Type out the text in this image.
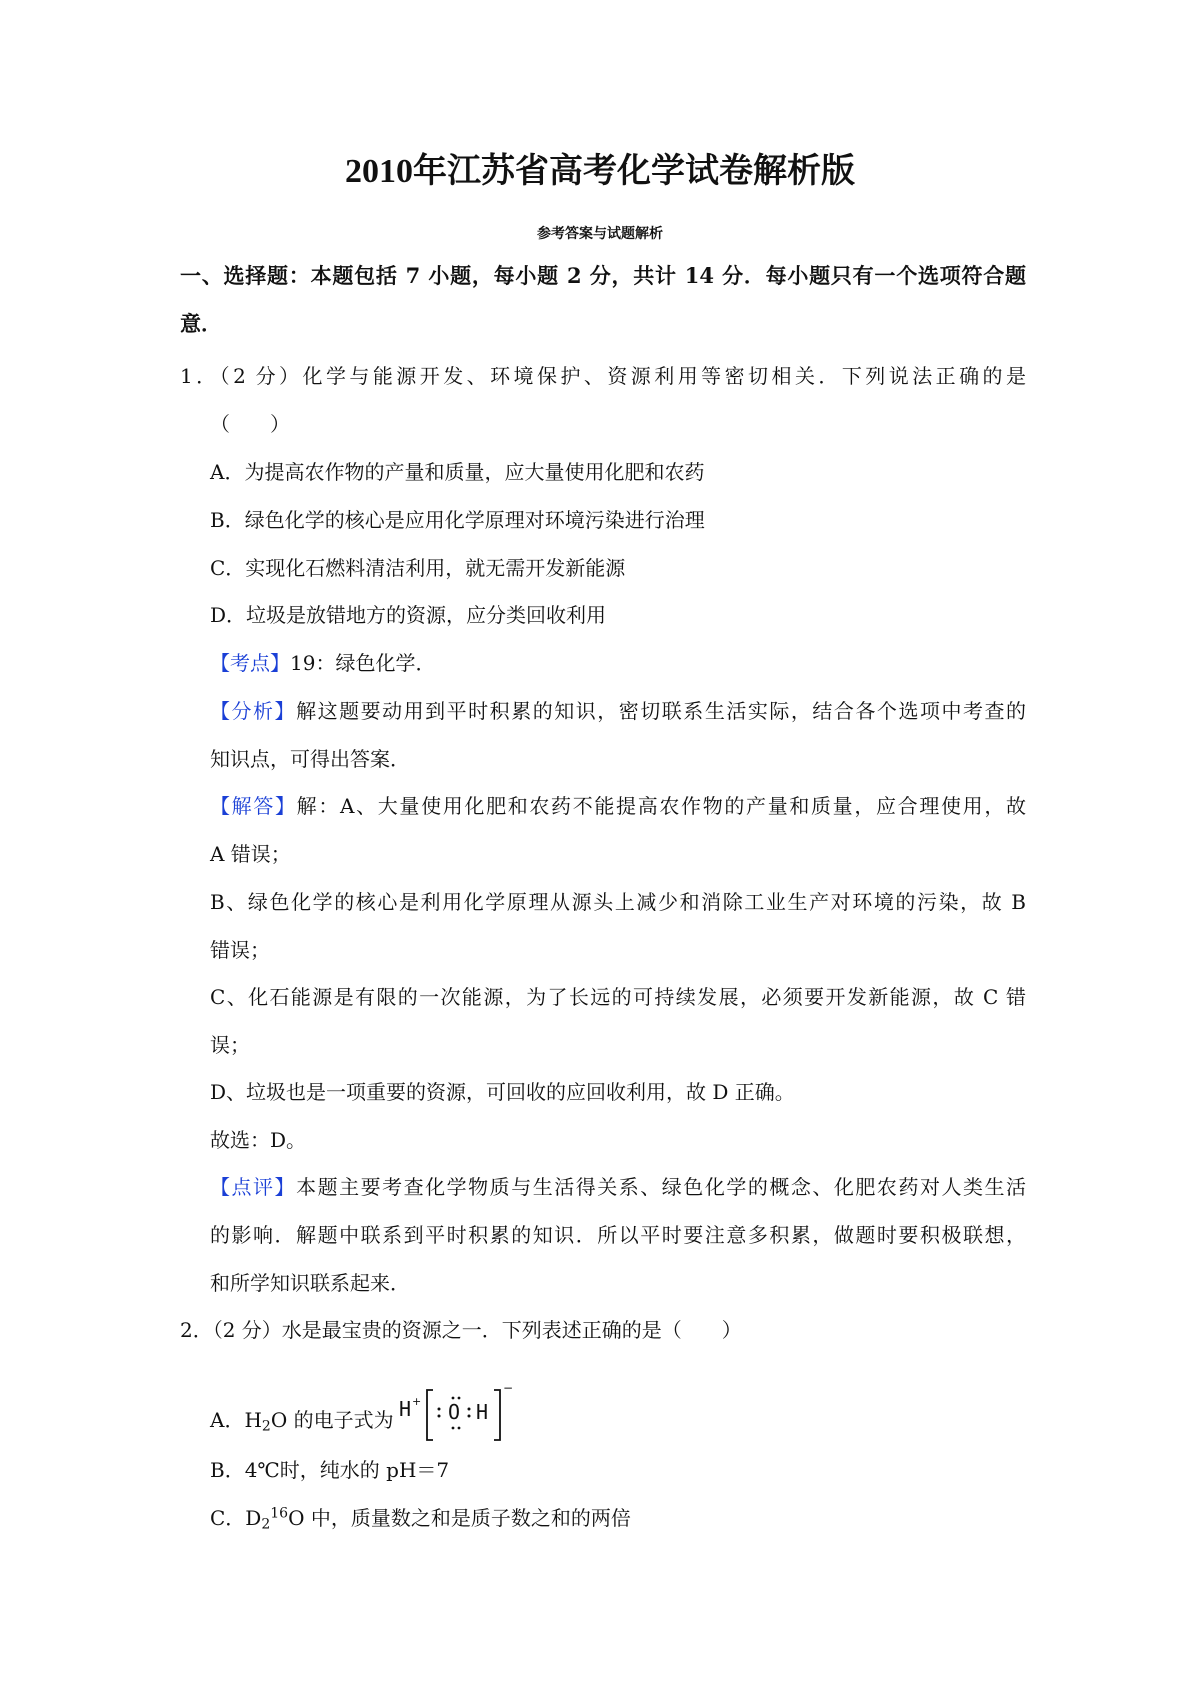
2010年江苏省高考化学试卷解析版
参考答案与试题解析
一、选择题：本题包括 7 小题，每小题 2 分，共计 14 分．每小题只有一个选项符合题
意．
1．（2 分）化学与能源开发、环境保护、资源利用等密切相关．下列说法正确的是
（　　）
A．为提高农作物的产量和质量，应大量使用化肥和农药
B．绿色化学的核心是应用化学原理对环境污染进行治理
C．实现化石燃料清洁利用，就无需开发新能源
D．垃圾是放错地方的资源，应分类回收利用
【考点】19：绿色化学．
【分析】解这题要动用到平时积累的知识，密切联系生活实际，结合各个选项中考查的
知识点，可得出答案．
【解答】解：A、大量使用化肥和农药不能提高农作物的产量和质量，应合理使用，故
A 错误；
B、绿色化学的核心是利用化学原理从源头上减少和消除工业生产对环境的污染，故 B
错误；
C、化石能源是有限的一次能源，为了长远的可持续发展，必须要开发新能源，故 C 错
误；
D、垃圾也是一项重要的资源，可回收的应回收利用，故 D 正确。
故选：D。
【点评】本题主要考查化学物质与生活得关系、绿色化学的概念、化肥农药对人类生活
的影响．解题中联系到平时积累的知识．所以平时要注意多积累，做题时要积极联想，
和所学知识联系起来．
2．（2 分）水是最宝贵的资源之一．下列表述正确的是（　　）
A．$H_2O$ 的电子式为 H + O H
−
B．4℃时，纯水的 pH＝7
C．$D_2^{16}O$ 中，质量数之和是质子数之和的两倍
